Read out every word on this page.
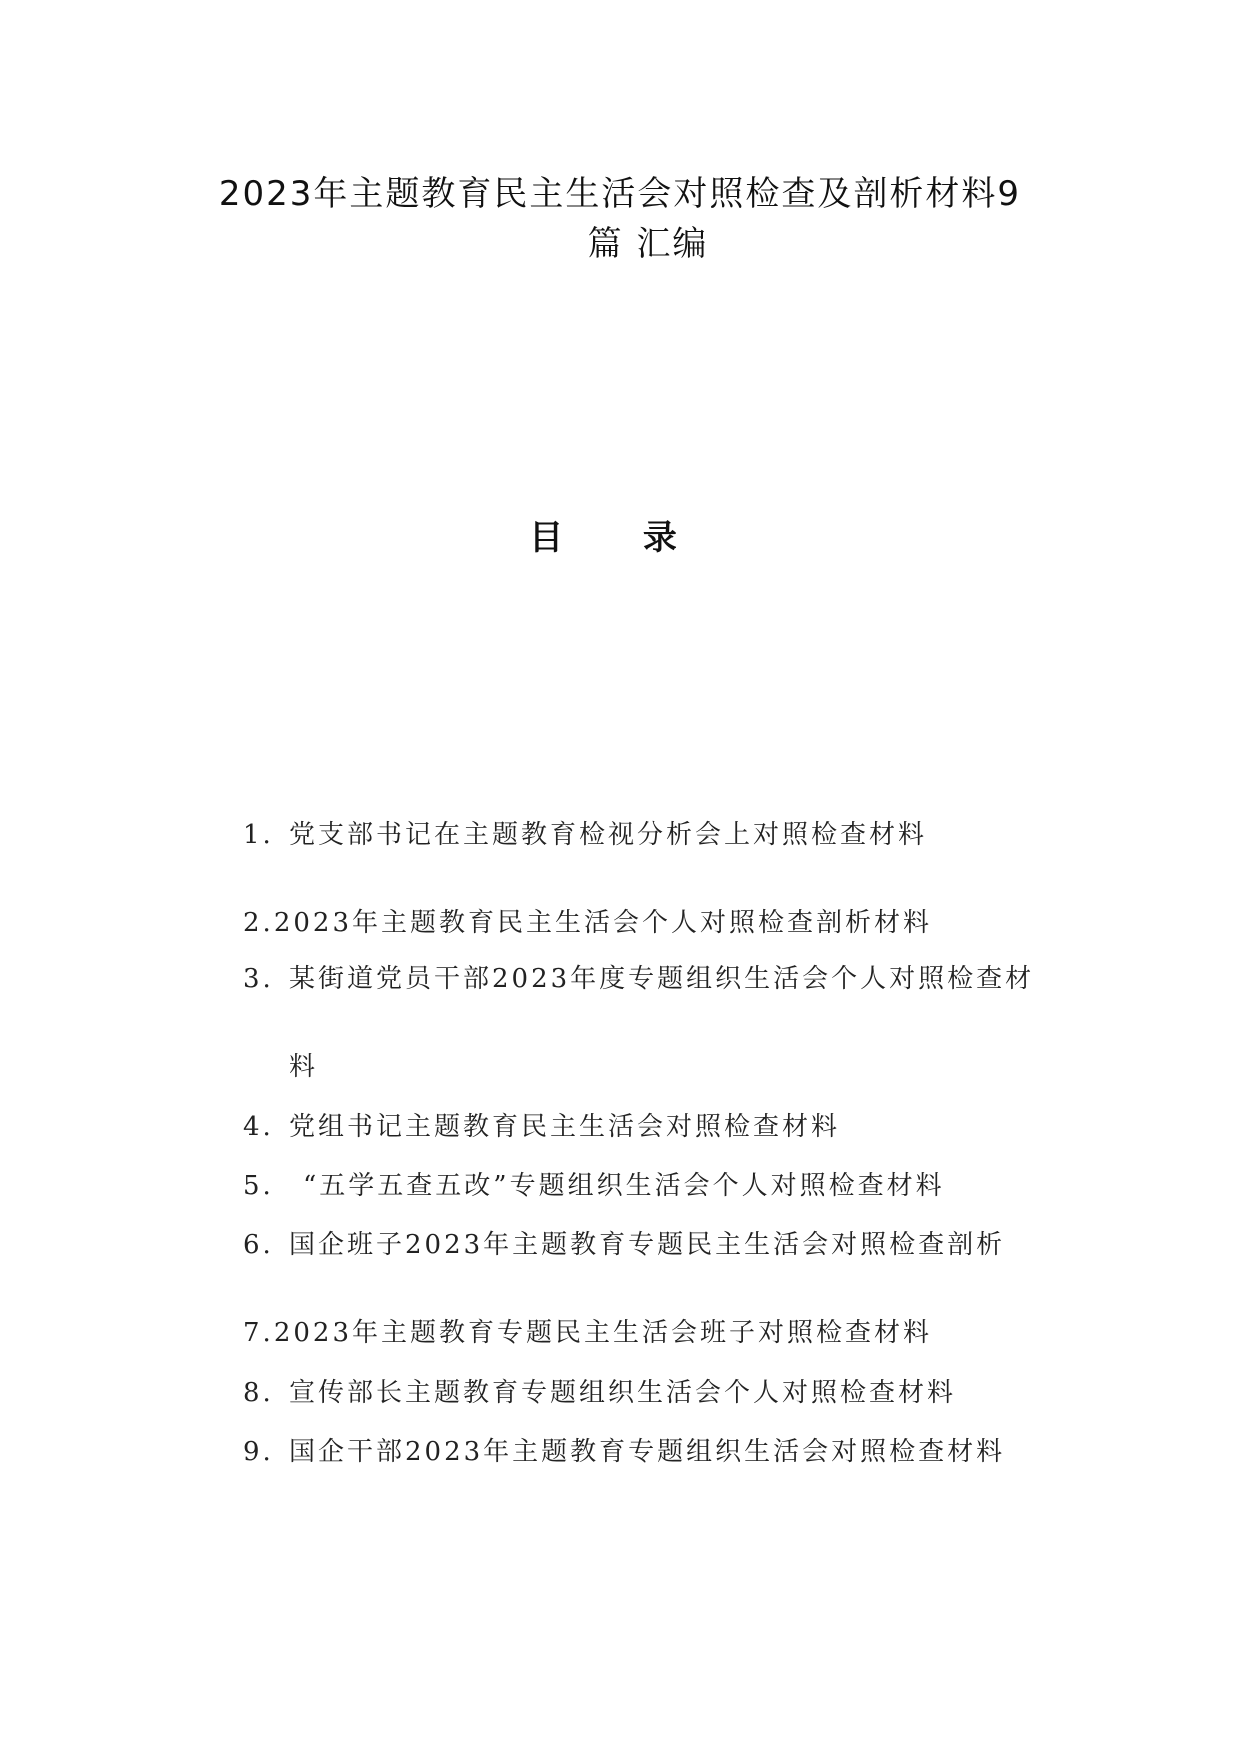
2023年主题教育民主生活会对照检查及剖析材料9
篇 汇编
目 录
1. 党支部书记在主题教育检视分析会上对照检查材料
2.2023年主题教育民主生活会个人对照检查剖析材料
3. 某街道党员干部2023年度专题组织生活会个人对照检查材
料
4. 党组书记主题教育民主生活会对照检查材料
5. “五学五查五改”专题组织生活会个人对照检查材料
6. 国企班子2023年主题教育专题民主生活会对照检查剖析
7.2023年主题教育专题民主生活会班子对照检查材料
8. 宣传部长主题教育专题组织生活会个人对照检查材料
9. 国企干部2023年主题教育专题组织生活会对照检查材料
